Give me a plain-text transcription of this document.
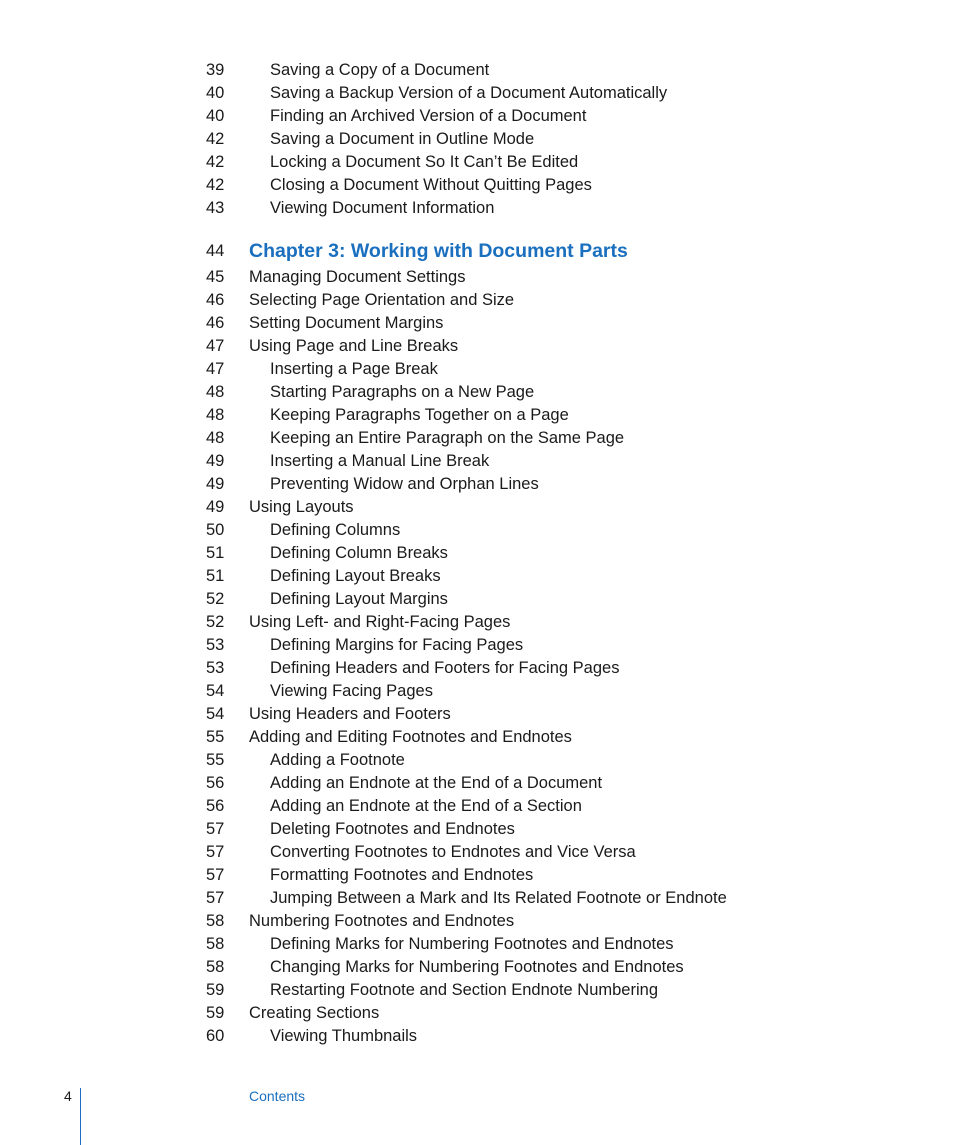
39	Saving a Copy of a Document
40	Saving a Backup Version of a Document Automatically
40	Finding an Archived Version of a Document
42	Saving a Document in Outline Mode
42	Locking a Document So It Can’t Be Edited
42	Closing a Document Without Quitting Pages
43	Viewing Document Information
44	Chapter 3: Working with Document Parts
45	Managing Document Settings
46	Selecting Page Orientation and Size
46	Setting Document Margins
47	Using Page and Line Breaks
47	Inserting a Page Break
48	Starting Paragraphs on a New Page
48	Keeping Paragraphs Together on a Page
48	Keeping an Entire Paragraph on the Same Page
49	Inserting a Manual Line Break
49	Preventing Widow and Orphan Lines
49	Using Layouts
50	Defining Columns
51	Defining Column Breaks
51	Defining Layout Breaks
52	Defining Layout Margins
52	Using Left- and Right-Facing Pages
53	Defining Margins for Facing Pages
53	Defining Headers and Footers for Facing Pages
54	Viewing Facing Pages
54	Using Headers and Footers
55	Adding and Editing Footnotes and Endnotes
55	Adding a Footnote
56	Adding an Endnote at the End of a Document
56	Adding an Endnote at the End of a Section
57	Deleting Footnotes and Endnotes
57	Converting Footnotes to Endnotes and Vice Versa
57	Formatting Footnotes and Endnotes
57	Jumping Between a Mark and Its Related Footnote or Endnote
58	Numbering Footnotes and Endnotes
58	Defining Marks for Numbering Footnotes and Endnotes
58	Changing Marks for Numbering Footnotes and Endnotes
59	Restarting Footnote and Section Endnote Numbering
59	Creating Sections
60	Viewing Thumbnails
4	Contents
